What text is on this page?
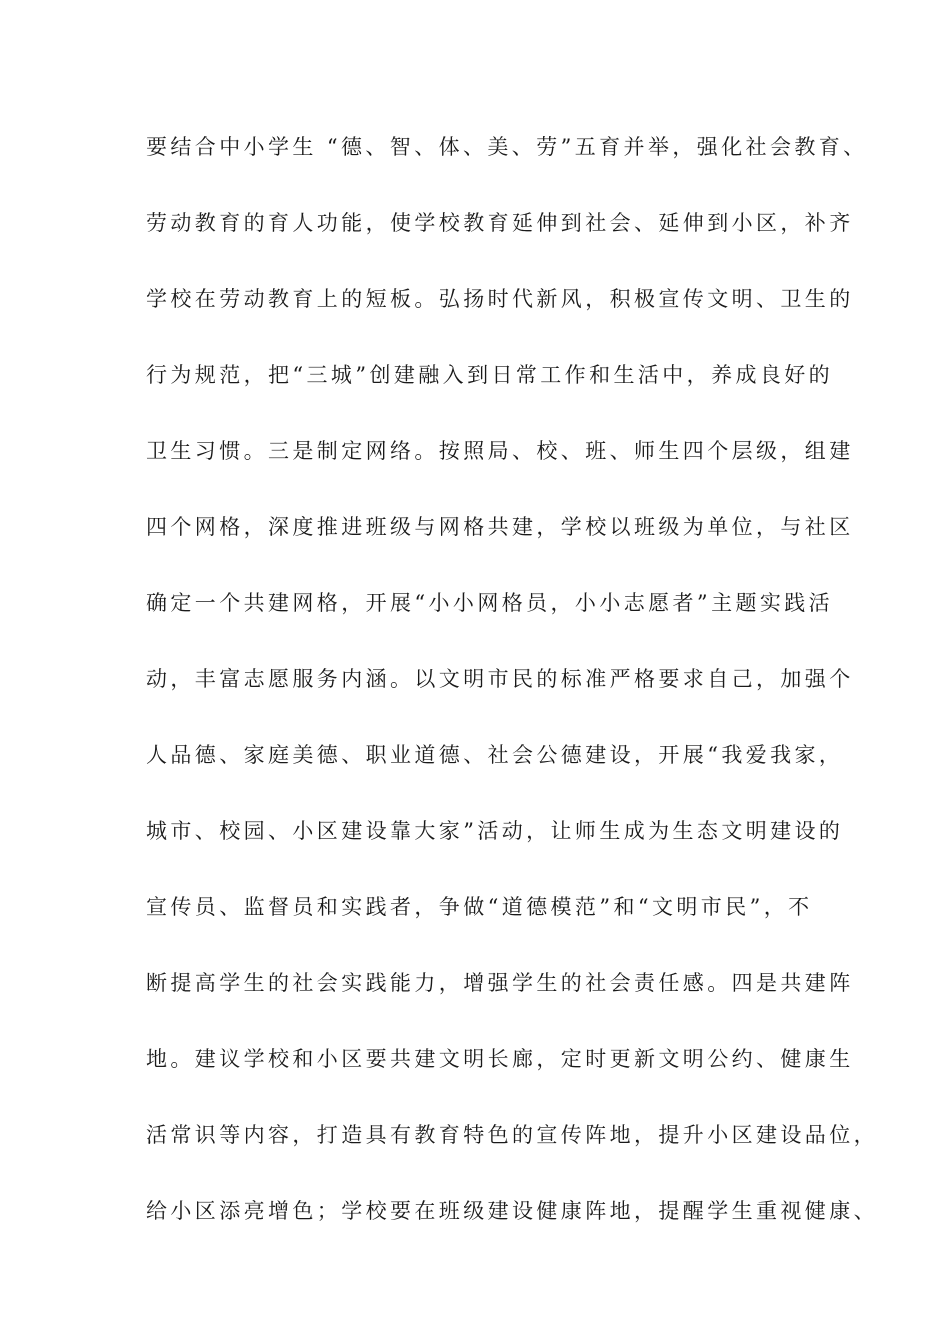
要结合中小学生 “德、智、体、美、劳”五育并举，强化社会教育、
劳动教育的育人功能，使学校教育延伸到社会、延伸到小区，补齐
学校在劳动教育上的短板。弘扬时代新风，积极宣传文明、卫生的
行为规范，把“三城”创建融入到日常工作和生活中，养成良好的
卫生习惯。三是制定网络。按照局、校、班、师生四个层级，组建
四个网格，深度推进班级与网格共建，学校以班级为单位，与社区
确定一个共建网格，开展“小小网格员，小小志愿者”主题实践活
动，丰富志愿服务内涵。以文明市民的标准严格要求自己，加强个
人品德、家庭美德、职业道德、社会公德建设，开展“我爱我家，
城市、校园、小区建设靠大家”活动，让师生成为生态文明建设的
宣传员、监督员和实践者，争做“道德模范”和“文明市民”，不
断提高学生的社会实践能力，增强学生的社会责任感。四是共建阵
地。建议学校和小区要共建文明长廊，定时更新文明公约、健康生
活常识等内容，打造具有教育特色的宣传阵地，提升小区建设品位，
给小区添亮增色；学校要在班级建设健康阵地，提醒学生重视健康、
